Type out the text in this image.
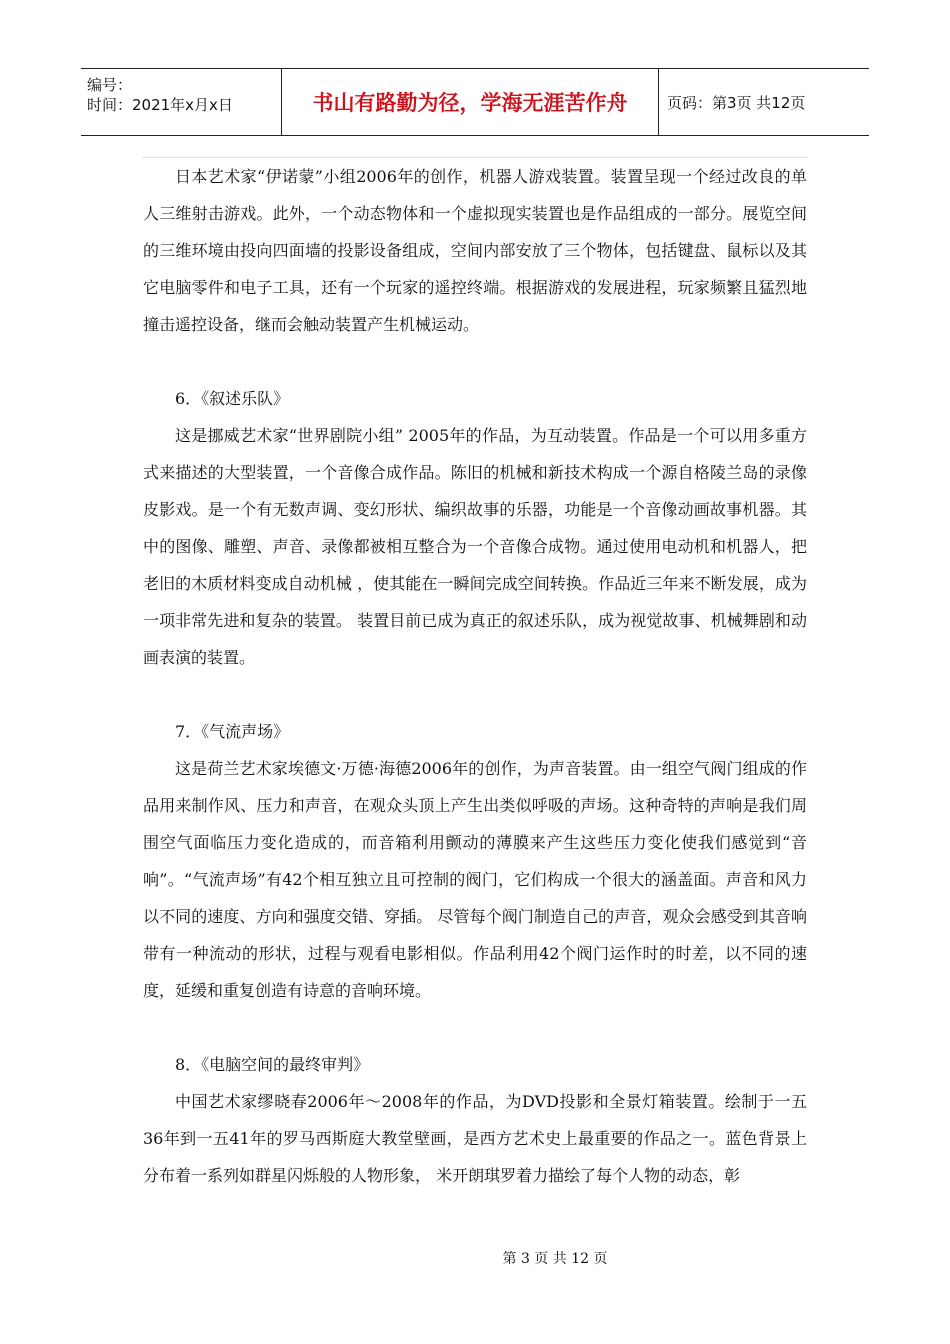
编号：
时间：2021年x月x日	书山有路勤为径，学海无涯苦作舟	页码：第3页 共12页

日本艺术家“伊诺蒙”小组2006年的创作，机器人游戏装置。装置呈现一个经过改良的单人三维射击游戏。此外，一个动态物体和一个虚拟现实装置也是作品组成的一部分。展览空间的三维环境由投向四面墙的投影设备组成，空间内部安放了三个物体，包括键盘、鼠标以及其它电脑零件和电子工具，还有一个玩家的遥控终端。根据游戏的发展进程，玩家频繁且猛烈地撞击遥控设备，继而会触动装置产生机械运动。

6．《叙述乐队》

这是挪威艺术家“世界剧院小组” 2005年的作品，为互动装置。作品是一个可以用多重方式来描述的大型装置，一个音像合成作品。陈旧的机械和新技术构成一个源自格陵兰岛的录像皮影戏。是一个有无数声调、变幻形状、编织故事的乐器，功能是一个音像动画故事机器。其中的图像、雕塑、声音、录像都被相互整合为一个音像合成物。通过使用电动机和机器人，把老旧的木质材料变成自动机械 ，使其能在一瞬间完成空间转换。作品近三年来不断发展，成为一项非常先进和复杂的装置。 装置目前已成为真正的叙述乐队，成为视觉故事、机械舞剧和动画表演的装置。

7．《气流声场》

这是荷兰艺术家埃德文·万德·海德2006年的创作，为声音装置。由一组空气阀门组成的作品用来制作风、压力和声音，在观众头顶上产生出类似呼吸的声场。这种奇特的声响是我们周围空气面临压力变化造成的，而音箱利用颤动的薄膜来产生这些压力变化使我们感觉到“音响”。“气流声场”有42个相互独立且可控制的阀门，它们构成一个很大的涵盖面。声音和风力以不同的速度、方向和强度交错、穿插。 尽管每个阀门制造自己的声音，观众会感受到其音响带有一种流动的形状，过程与观看电影相似。作品利用42个阀门运作时的时差，以不同的速度，延缓和重复创造有诗意的音响环境。

8．《电脑空间的最终审判》

中国艺术家缪晓春2006年～2008年的作品，为DVD投影和全景灯箱装置。绘制于一五36年到一五41年的罗马西斯庭大教堂壁画，是西方艺术史上最重要的作品之一。蓝色背景上分布着一系列如群星闪烁般的人物形象， 米开朗琪罗着力描绘了每个人物的动态，彰

第 3 页 共 12 页
